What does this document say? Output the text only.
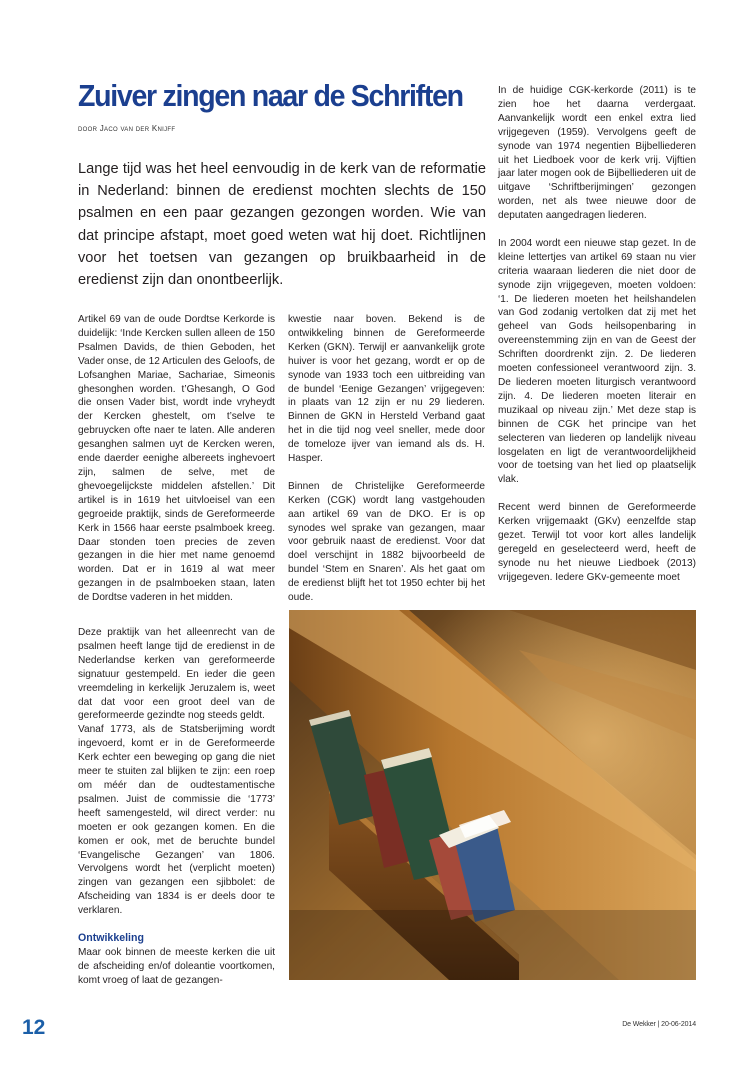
Zuiver zingen naar de Schriften
door Jaco van der Knijff

Lange tijd was het heel eenvoudig in de kerk van de reformatie in Nederland: binnen de eredienst mochten slechts de 150 psalmen en een paar gezangen gezongen worden. Wie van dat principe afstapt, moet goed weten wat hij doet. Richtlijnen voor het toetsen van gezangen op bruikbaarheid in de eredienst zijn dan onontbeerlijk.

Artikel 69 van de oude Dordtse Kerkorde is duidelijk: ‘Inde Kercken sullen alleen de 150 Psalmen Davids, de thien Geboden, het Vader onse, de 12 Articulen des Geloofs, de Lofsanghen Mariae, Sachariae, Simeonis ghesonghen worden. t’Ghesangh, O God die onsen Vader bist, wordt inde vryheydt der Kercken ghestelt, om t’selve te gebruycken ofte naer te laten. Alle anderen gesanghen salmen uyt de Kercken weren, ende daerder eenighe albereets inghevoert zijn, salmen de selve, met de ghevoegelijckste middelen afstellen.’ Dit artikel is in 1619 het uitvloeisel van een gegroeide praktijk, sinds de Gereformeerde Kerk in 1566 haar eerste psalmboek kreeg. Daar stonden toen precies de zeven gezangen in die hier met name genoemd worden. Dat er in 1619 al wat meer gezangen in de psalmboeken staan, laten de Dordtse vaderen in het midden.

Deze praktijk van het alleenrecht van de psalmen heeft lange tijd de eredienst in de Nederlandse kerken van gereformeerde signatuur gestempeld. En ieder die geen vreemdeling in kerkelijk Jeruzalem is, weet dat dat voor een groot deel van de gereformeerde gezindte nog steeds geldt.

Vanaf 1773, als de Statsberijming wordt ingevoerd, komt er in de Gereformeerde Kerk echter een beweging op gang die niet meer te stuiten zal blijken te zijn: een roep om méér dan de oudtestamentische psalmen. Juist de commissie die ‘1773’ heeft samengesteld, wil direct verder: nu moeten er ook gezangen komen. En die komen er ook, met de beruchte bundel ‘Evangelische Gezangen’ van 1806. Vervolgens wordt het (verplicht moeten) zingen van gezangen een sjibbolet: de Afscheiding van 1834 is er deels door te verklaren.

Ontwikkeling

Maar ook binnen de meeste kerken die uit de afscheiding en/of doleantie voortkomen, komt vroeg of laat de gezangen-

kwestie naar boven. Bekend is de ontwikkeling binnen de Gereformeerde Kerken (GKN). Terwijl er aanvankelijk grote huiver is voor het gezang, wordt er op de synode van 1933 toch een uitbreiding van de bundel ‘Eenige Gezangen’ vrijgegeven: in plaats van 12 zijn er nu 29 liederen. Binnen de GKN in Hersteld Verband gaat het in die tijd nog veel sneller, mede door de tomeloze ijver van iemand als ds. H. Hasper.

Binnen de Christelijke Gereformeerde Kerken (CGK) wordt lang vastgehouden aan artikel 69 van de DKO. Er is op synodes wel sprake van gezangen, maar voor gebruik naast de eredienst. Voor dat doel verschijnt in 1882 bijvoorbeeld de bundel ‘Stem en Snaren’. Als het gaat om de eredienst blijft het tot 1950 echter bij het oude.

In de huidige CGK-kerkorde (2011) is te zien hoe het daarna verdergaat. Aanvankelijk wordt een enkel extra lied vrijgegeven (1959). Vervolgens geeft de synode van 1974 negentien Bijbelliederen uit het Liedboek voor de kerk vrij. Vijftien jaar later mogen ook de Bijbelliederen uit de uitgave ‘Schriftberijmingen’ gezongen worden, net als twee nieuwe door de deputaten aangedragen liederen.

In 2004 wordt een nieuwe stap gezet. In de kleine lettertjes van artikel 69 staan nu vier criteria waaraan liederen die niet door de synode zijn vrijgegeven, moeten voldoen: ‘1. De liederen moeten het heilshandelen van God zodanig vertolken dat zij met het geheel van Gods heilsopenbaring in overeenstemming zijn en van de Geest der Schriften doordrenkt zijn. 2. De liederen moeten confessioneel verantwoord zijn. 3. De liederen moeten liturgisch verantwoord zijn. 4. De liederen moeten literair en muzikaal op niveau zijn.’ Met deze stap is binnen de CGK het principe van het selecteren van liederen op landelijk niveau losgelaten en ligt de verantwoordelijkheid voor de toetsing van het lied op plaatselijk vlak.

Recent werd binnen de Gereformeerde Kerken vrijgemaakt (GKv) eenzelfde stap gezet. Terwijl tot voor kort alles landelijk geregeld en geselecteerd werd, heeft de synode nu het nieuwe Liedboek (2013) vrijgegeven. Iedere GKv-gemeente moet

12	De Wekker | 20-06-2014
